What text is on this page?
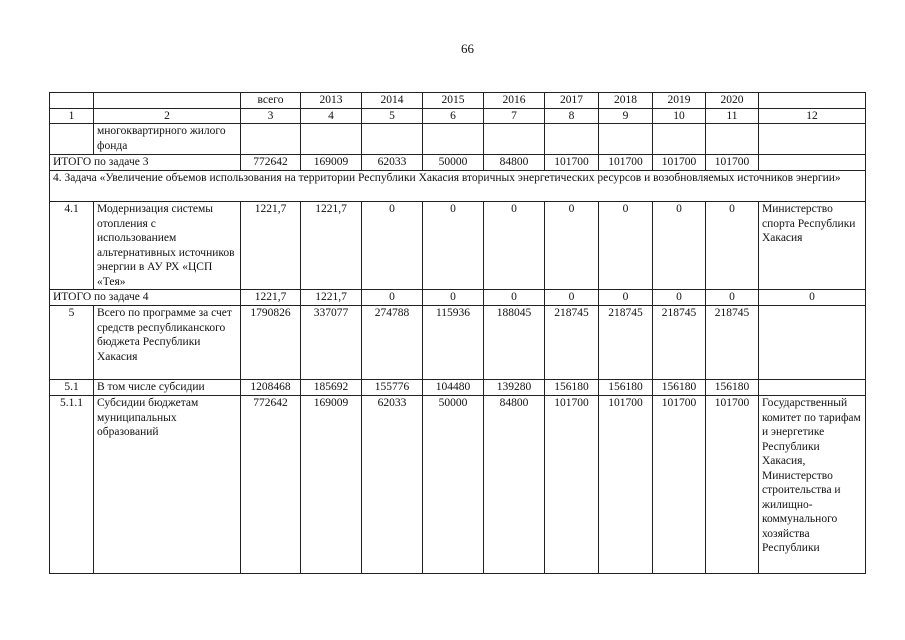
66
		всего	2013	2014	2015	2016	2017	2018	2019	2020	
1	2	3	4	5	6	7	8	9	10	11	12
	многоквартирного жилого фонда										
ИТОГО по задаче 3		772642	169009	62033	50000	84800	101700	101700	101700	101700	
4. Задача «Увеличение объемов использования на территории Республики Хакасия вторичных энергетических ресурсов и возобновляемых источников энергии»											
4.1	Модернизация системы отопления с использованием альтернативных источников энергии в АУ РХ «ЦСП «Тея»	1221,7	1221,7	0	0	0	0	0	0	0	Министерство спорта Республики Хакасия
ИТОГО по задаче 4		1221,7	1221,7	0	0	0	0	0	0	0	0
5	Всего по программе за счет средств республиканского бюджета Республики Хакасия	1790826	337077	274788	115936	188045	218745	218745	218745	218745	
5.1	В том числе субсидии	1208468	185692	155776	104480	139280	156180	156180	156180	156180	
5.1.1	Субсидии бюджетам муниципальных образований	772642	169009	62033	50000	84800	101700	101700	101700	101700	Государственный комитет по тарифам и энергетике Республики Хакасия, Министерство строительства и жилищно-коммунального хозяйства Республики
